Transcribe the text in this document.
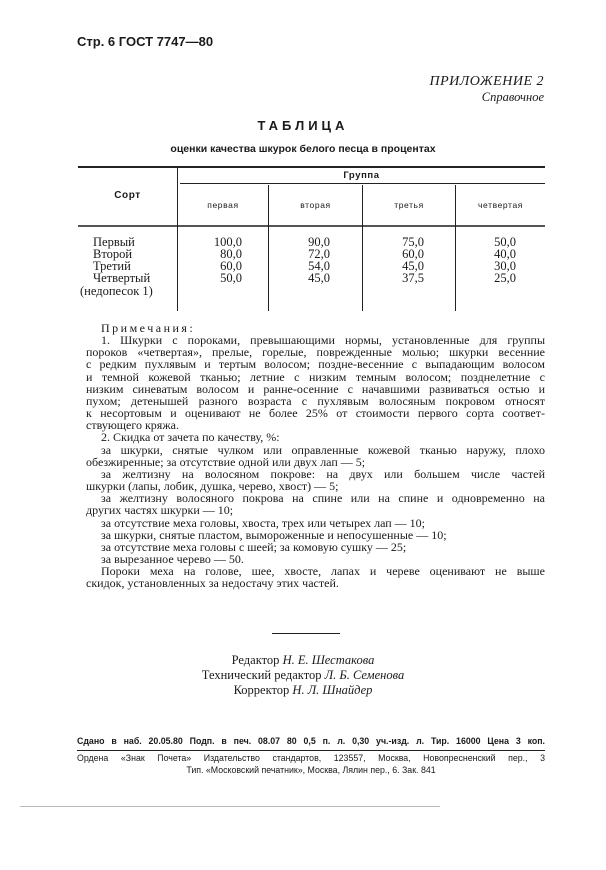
Стр. 6 ГОСТ 7747—80
ПРИЛОЖЕНИЕ 2
Справочное
ТАБЛИЦА
оценки качества шкурок белого песца в процентах
Сорт
Группа
первая	вторая	третья	четвертая
Первый	100,0	90,0	75,0	50,0
Второй	80,0	72,0	60,0	40,0
Третий	60,0	54,0	45,0	30,0
Четвертый
(недопесок 1)
50,0	45,0	37,5	25,0
Примечания:
1. Шкурки с пороками, превышающими нормы, установленные для группы
пороков «четвертая», прелые, горелые, поврежденные молью; шкурки весенние
с редким пухлявым и тертым волосом; поздне-весенние с выпадающим волосом
и темной кожевой тканью; летние с низким темным волосом; позднелетние с
низким синеватым волосом и ранне-осенние с начавшими развиваться остью и
пухом; детенышей разного возраста с пухлявым волосяным покровом относят
к несортовым и оценивают не более 25% от стоимости первого сорта соответ-
ствующего кряжа.
2. Скидка от зачета по качеству, %:
за шкурки, снятые чулком или оправленные кожевой тканью наружу, плохо
обезжиренные; за отсутствие одной или двух лап — 5;
за желтизну на волосяном покрове: на двух или большем числе частей
шкурки (лапы, лобик, душка, черево, хвост) — 5;
за желтизну волосяного покрова на спине или на спине и одновременно на
других частях шкурки — 10;
за отсутствие меха головы, хвоста, трех или четырех лап — 10;
за шкурки, снятые пластом, вымороженные и непосушенные — 10;
за отсутствие меха головы с шеей; за комовую сушку — 25;
за вырезанное черево — 50.
Пороки меха на голове, шее, хвосте, лапах и череве оценивают не выше
скидок, установленных за недостачу этих частей.
Редактор Н. Е. Шестакова
Технический редактор Л. Б. Семенова
Корректор Н. Л. Шнайдер
Сдано в наб. 20.05.80 Подп. в печ. 08.07 80 0,5 п. л. 0,30 уч.-изд. л. Тир. 16000 Цена 3 коп.
Ордена «Знак Почета» Издательство стандартов, 123557, Москва, Новопресненский пер., 3
Тип. «Московский печатник», Москва, Лялин пер., 6. Зак. 841
